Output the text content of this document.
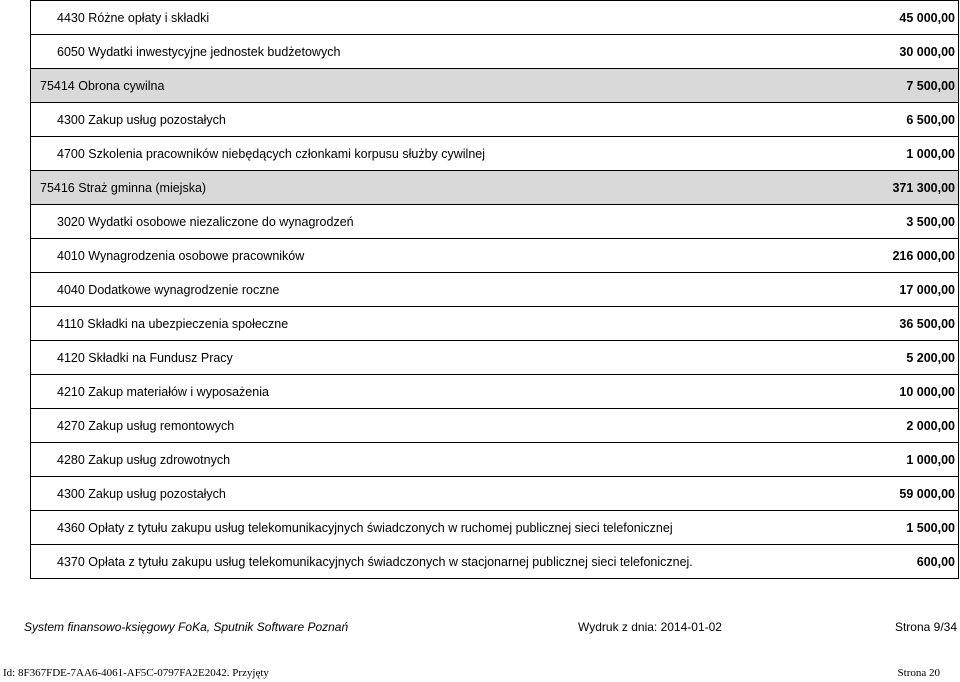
4430 Różne opłaty i składki	45 000,00
6050 Wydatki inwestycyjne jednostek budżetowych	30 000,00
75414 Obrona cywilna	7 500,00
4300 Zakup usług pozostałych	6 500,00
4700 Szkolenia pracowników niebędących członkami korpusu służby cywilnej	1 000,00
75416 Straż gminna (miejska)	371 300,00
3020 Wydatki osobowe niezaliczone do wynagrodzeń	3 500,00
4010 Wynagrodzenia osobowe pracowników	216 000,00
4040 Dodatkowe wynagrodzenie roczne	17 000,00
4110 Składki na ubezpieczenia społeczne	36 500,00
4120 Składki na Fundusz Pracy	5 200,00
4210 Zakup materiałów i wyposażenia	10 000,00
4270 Zakup usług remontowych	2 000,00
4280 Zakup usług zdrowotnych	1 000,00
4300 Zakup usług pozostałych	59 000,00
4360 Opłaty z tytułu zakupu usług telekomunikacyjnych świadczonych w ruchomej publicznej sieci telefonicznej	1 500,00
4370 Opłata z tytułu zakupu usług telekomunikacyjnych świadczonych w stacjonarnej publicznej sieci telefonicznej.	600,00
System finansowo-księgowy FoKa, Sputnik Software Poznań	Wydruk z dnia: 2014-01-02	Strona 9/34
Id: 8F367FDE-7AA6-4061-AF5C-0797FA2E2042. Przyjęty	Strona 20
